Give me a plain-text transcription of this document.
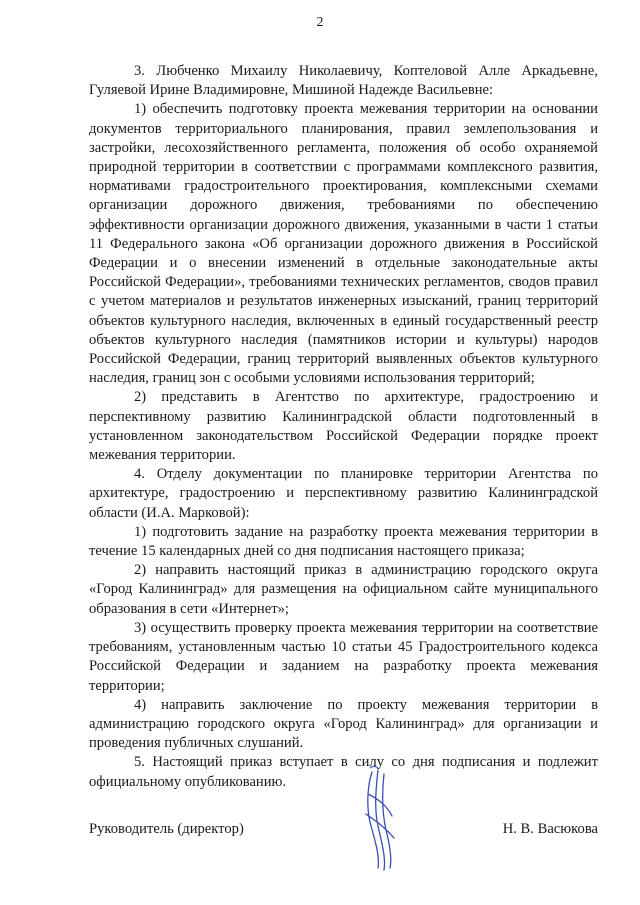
2

3. Любченко Михаилу Николаевичу, Коптеловой Алле Аркадьевне, Гуляевой Ирине Владимировне, Мишиной Надежде Васильевне:

1) обеспечить подготовку проекта межевания территории на основании документов территориального планирования, правил землепользования и застройки, лесохозяйственного регламента, положения об особо охраняемой природной территории в соответствии с программами комплексного развития, нормативами градостроительного проектирования, комплексными схемами организации дорожного движения, требованиями по обеспечению эффективности организации дорожного движения, указанными в части 1 статьи 11 Федерального закона «Об организации дорожного движения в Российской Федерации и о внесении изменений в отдельные законодательные акты Российской Федерации», требованиями технических регламентов, сводов правил с учетом материалов и результатов инженерных изысканий, границ территорий объектов культурного наследия, включенных в единый государственный реестр объектов культурного наследия (памятников истории и культуры) народов Российской Федерации, границ территорий выявленных объектов культурного наследия, границ зон с особыми условиями использования территорий;

2) представить в Агентство по архитектуре, градостроению и перспективному развитию Калининградской области подготовленный в установленном законодательством Российской Федерации порядке проект межевания территории.

4. Отделу документации по планировке территории Агентства по архитектуре, градостроению и перспективному развитию Калининградской области (И.А. Марковой):

1) подготовить задание на разработку проекта межевания территории в течение 15 календарных дней со дня подписания настоящего приказа;

2) направить настоящий приказ в администрацию городского округа «Город Калининград» для размещения на официальном сайте муниципального образования в сети «Интернет»;

3) осуществить проверку проекта межевания территории на соответствие требованиям, установленным частью 10 статьи 45 Градостроительного кодекса Российской Федерации и заданием на разработку проекта межевания территории;

4) направить заключение по проекту межевания территории в администрацию городского округа «Город Калининград» для организации и проведения публичных слушаний.

5. Настоящий приказ вступает в силу со дня подписания и подлежит официальному опубликованию.

Руководитель (директор)	Н. В. Васюкова
